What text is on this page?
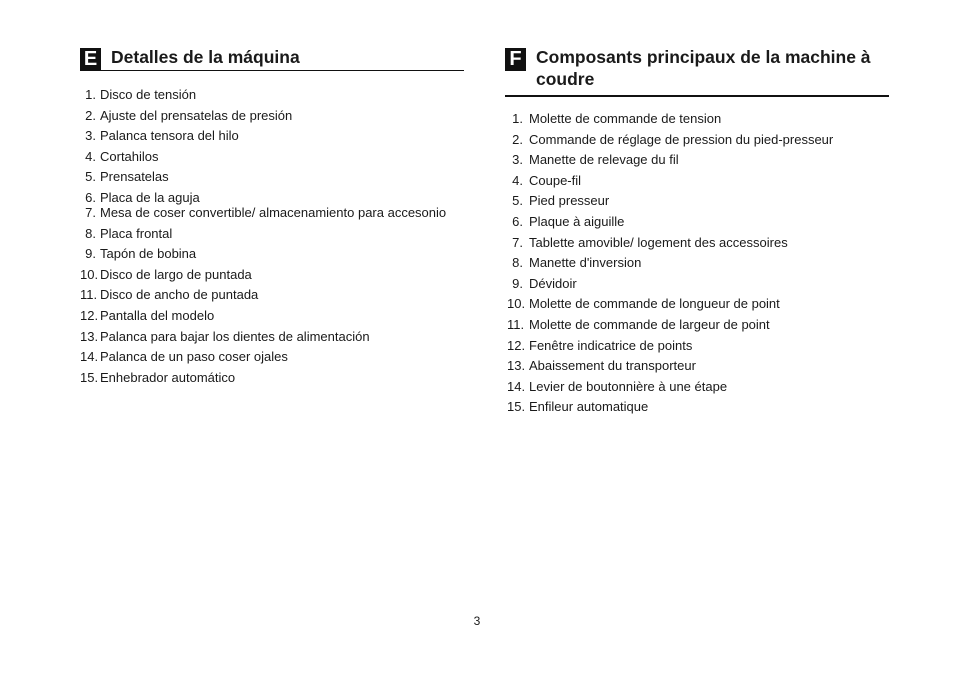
E Detalles de la máquina
1. Disco de tensión
2. Ajuste del prensatelas de presión
3. Palanca tensora del hilo
4. Cortahilos
5. Prensatelas
6. Placa de la aguja
7. Mesa de coser convertible/ almacenamiento para accesonio
8. Placa frontal
9. Tapón de bobina
10. Disco de largo de puntada
11. Disco de ancho de puntada
12. Pantalla del modelo
13. Palanca para bajar los dientes de alimentación
14. Palanca de un paso coser ojales
15. Enhebrador automático
F Composants principaux de la machine à
coudre
1. Molette de commande de tension
2. Commande de réglage de pression du pied-presseur
3. Manette de relevage du fil
4. Coupe-fil
5. Pied presseur
6. Plaque à aiguille
7. Tablette amovible/ logement des accessoires
8. Manette d'inversion
9. Dévidoir
10. Molette de commande de longueur de point
11. Molette de commande de largeur de point
12. Fenêtre indicatrice de points
13. Abaissement du transporteur
14. Levier de boutonnière à une étape
15. Enfileur automatique
3
